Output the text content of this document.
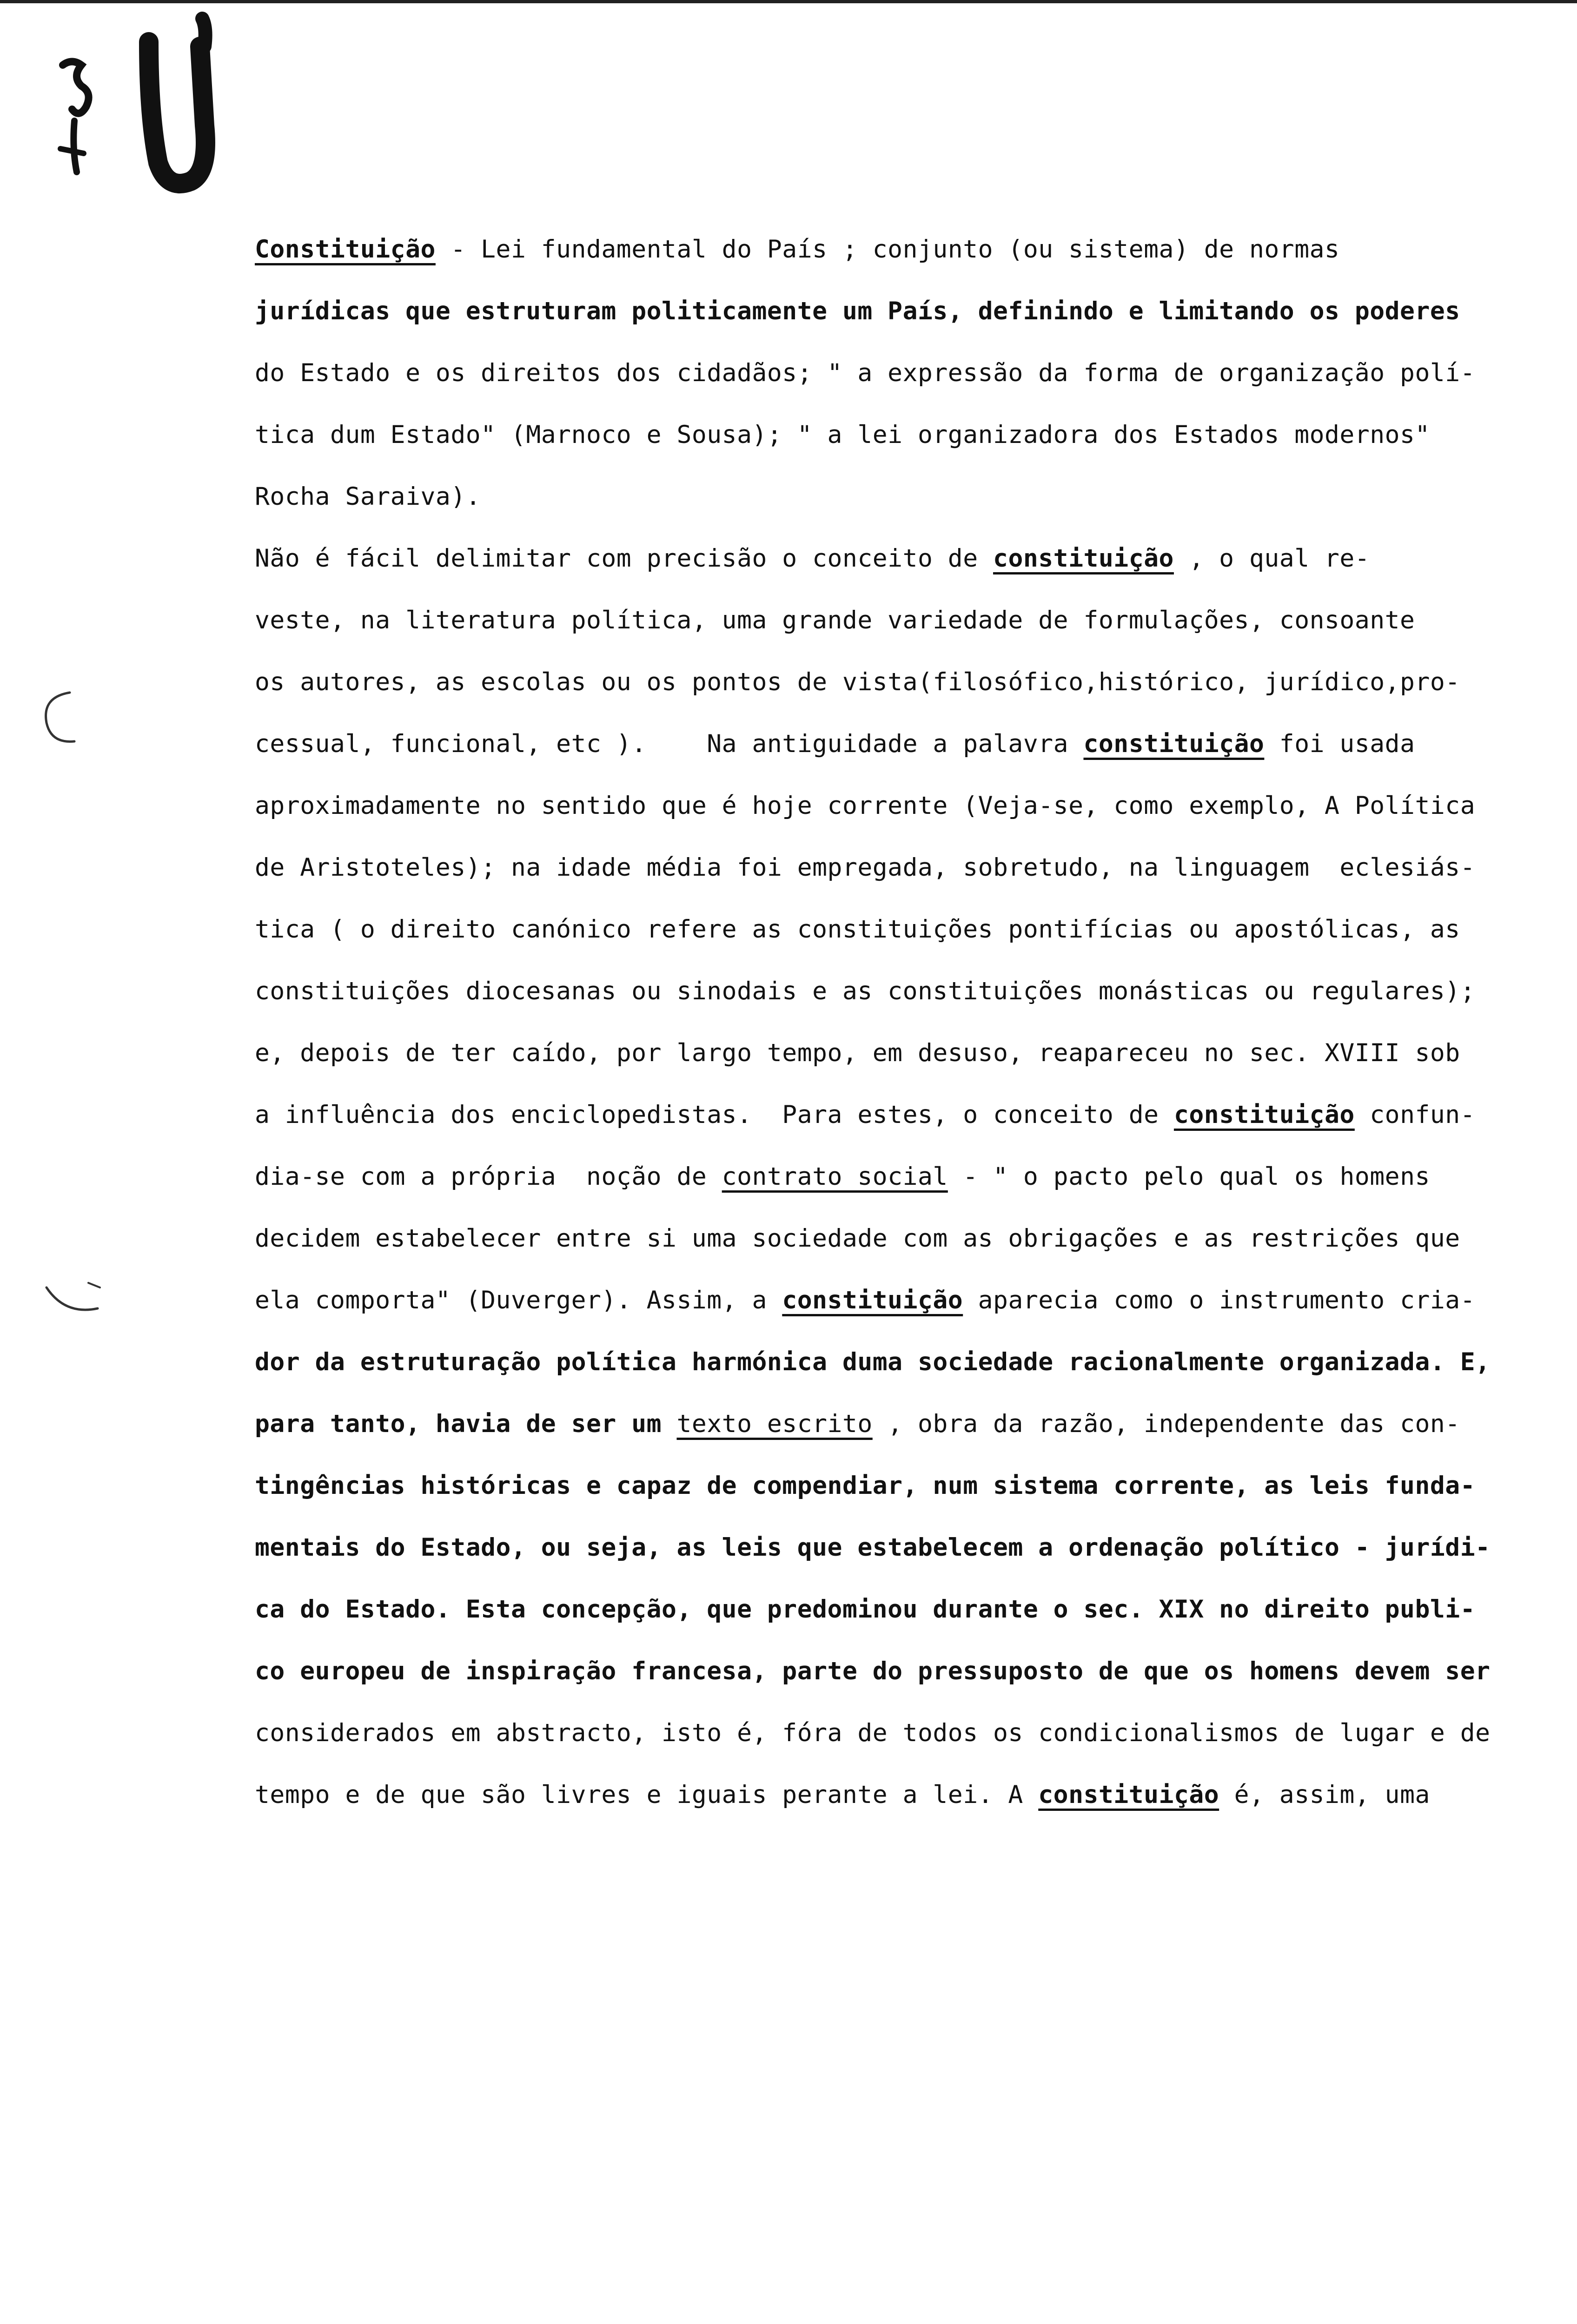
Constituição - Lei fundamental do País ; conjunto (ou sistema) de normas
jurídicas que estruturam politicamente um País, definindo e limitando os poderes
do Estado e os direitos dos cidadãos; " a expressão da forma de organização polí-
tica dum Estado" (Marnoco e Sousa); " a lei organizadora dos Estados modernos"
Rocha Saraiva).
Não é fácil delimitar com precisão o conceito de constituição , o qual re-
veste, na literatura política, uma grande variedade de formulações, consoante
os autores, as escolas ou os pontos de vista(filosófico,histórico, jurídico,pro-
cessual, funcional, etc ).    Na antiguidade a palavra constituição foi usada
aproximadamente no sentido que é hoje corrente (Veja-se, como exemplo, A Política
de Aristoteles); na idade média foi empregada, sobretudo, na linguagem  eclesiás-
tica ( o direito canónico refere as constituições pontifícias ou apostólicas, as
constituições diocesanas ou sinodais e as constituições monásticas ou regulares);
e, depois de ter caído, por largo tempo, em desuso, reapareceu no sec. XVIII sob
a influência dos enciclopedistas.  Para estes, o conceito de constituição confun-
dia-se com a própria  noção de contrato social - " o pacto pelo qual os homens
decidem estabelecer entre si uma sociedade com as obrigações e as restrições que
ela comporta" (Duverger). Assim, a constituição aparecia como o instrumento cria-
dor da estruturação política harmónica duma sociedade racionalmente organizada. E,
para tanto, havia de ser um texto escrito , obra da razão, independente das con-
tingências históricas e capaz de compendiar, num sistema corrente, as leis funda-
mentais do Estado, ou seja, as leis que estabelecem a ordenação político - jurídi-
ca do Estado. Esta concepção, que predominou durante o sec. XIX no direito publi-
co europeu de inspiração francesa, parte do pressuposto de que os homens devem ser
considerados em abstracto, isto é, fóra de todos os condicionalismos de lugar e de
tempo e de que são livres e iguais perante a lei. A constituição é, assim, uma
